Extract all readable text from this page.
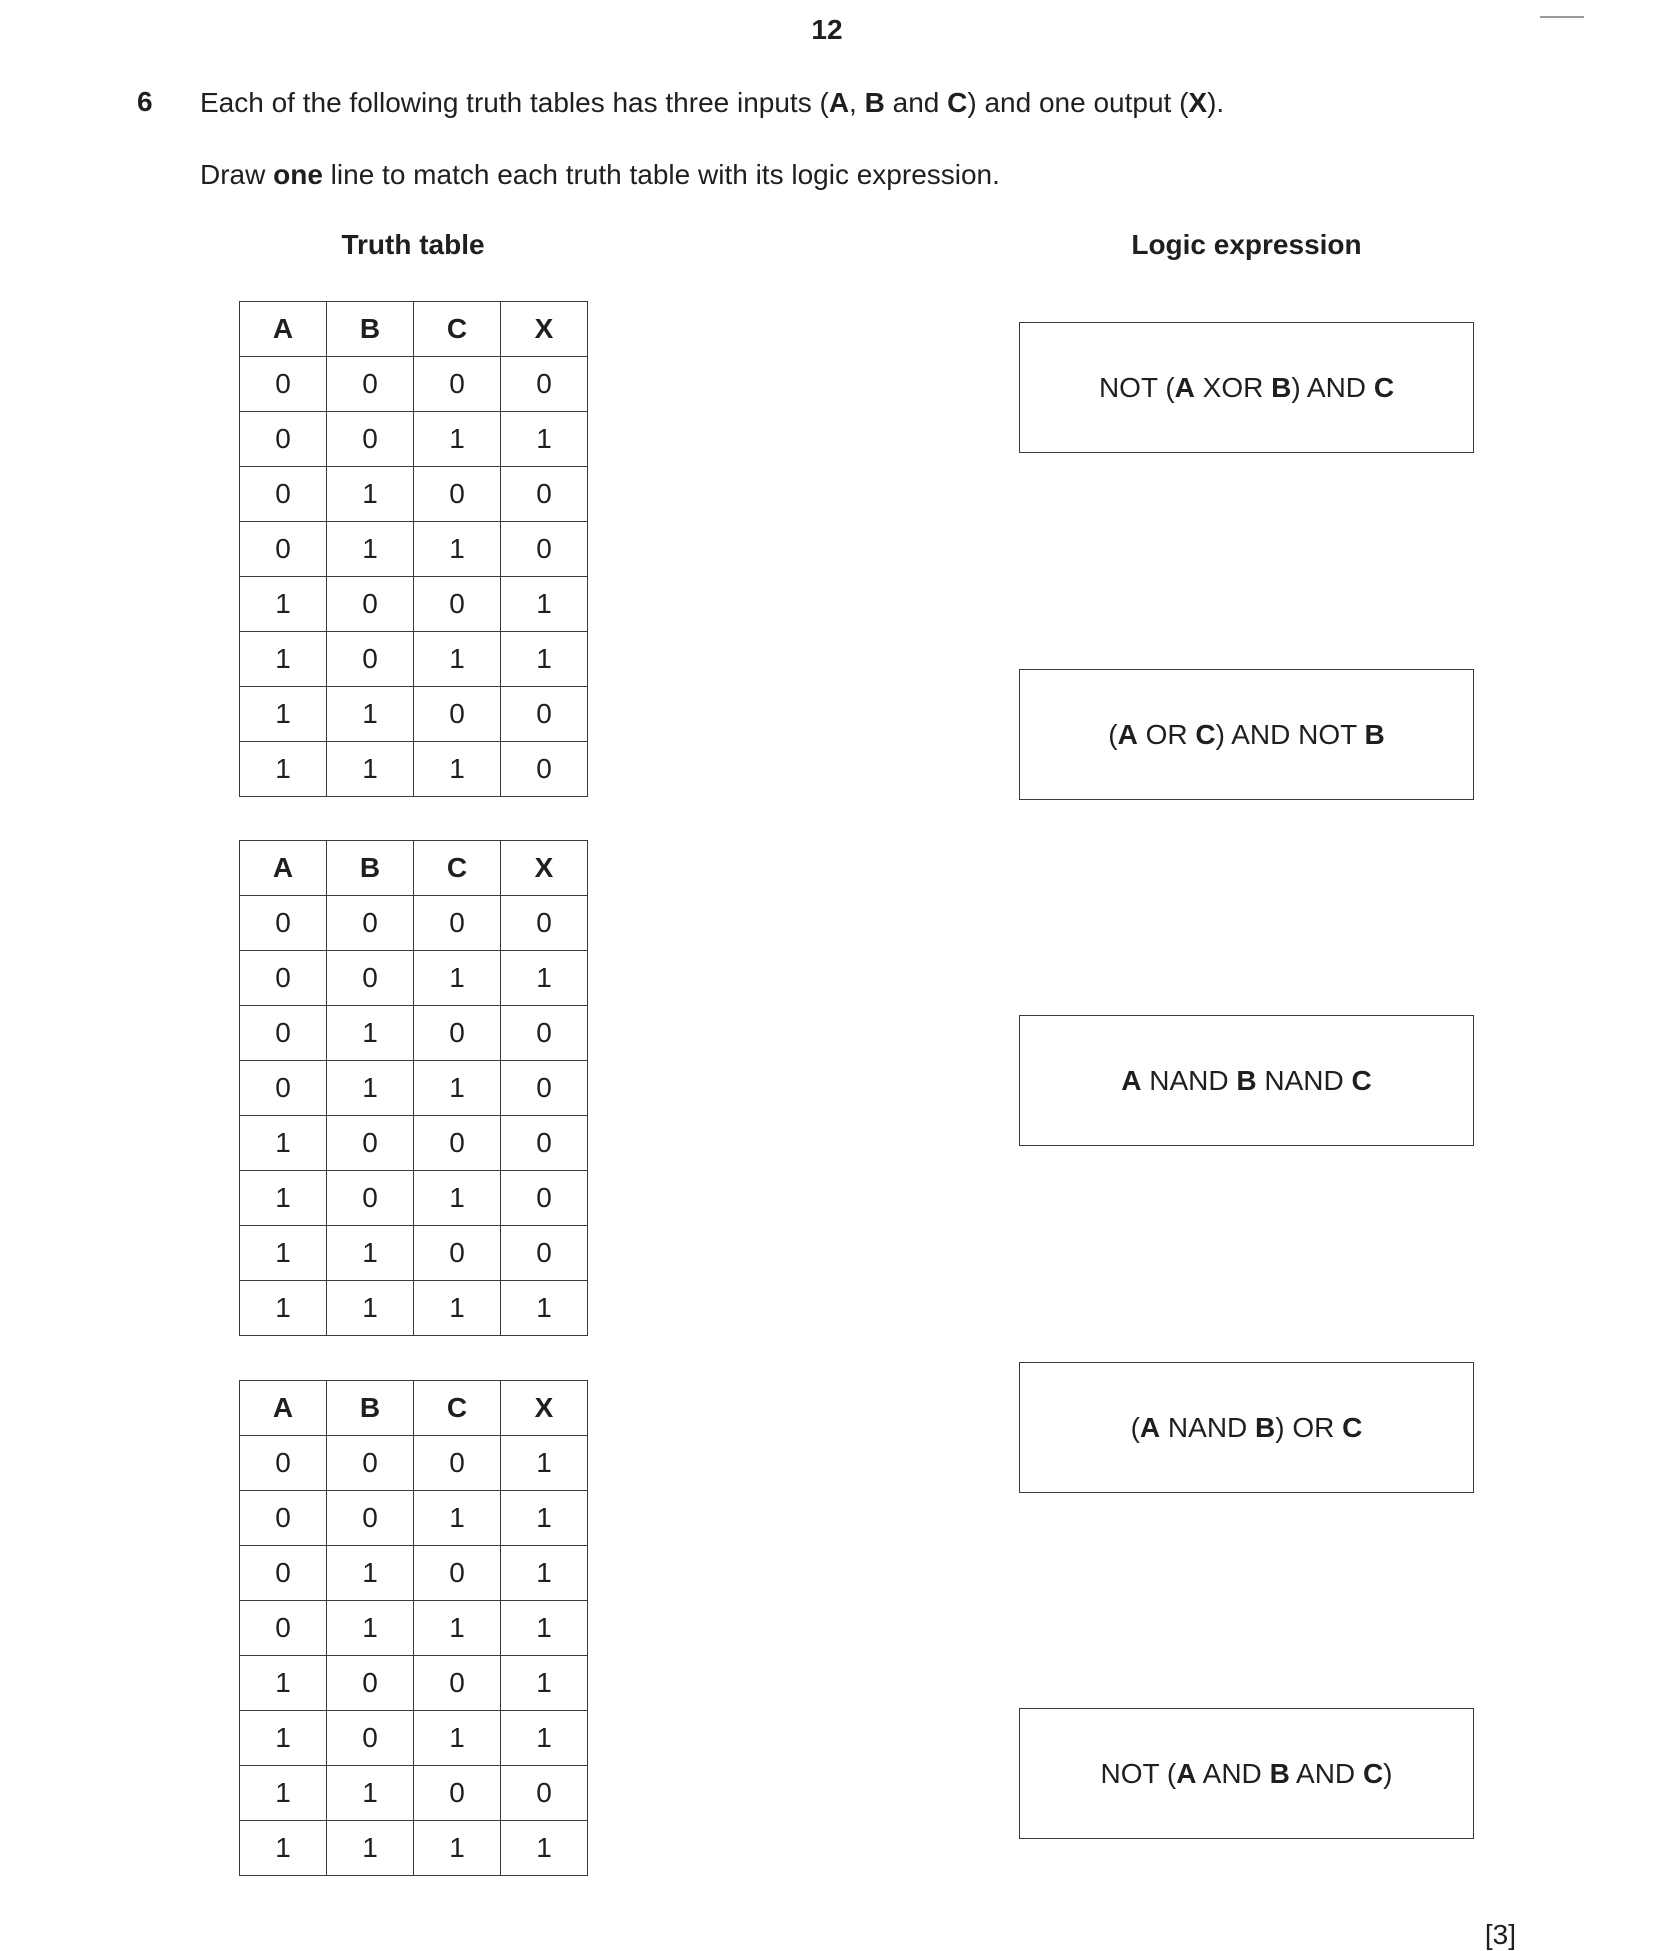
12
6 Each of the following truth tables has three inputs (A, B and C) and one output (X).
Draw one line to match each truth table with its logic expression.
Truth table	Logic expression
A	B	C	X
0	0	0	0
0	0	1	1
0	1	0	0
0	1	1	0
1	0	0	1
1	0	1	1
1	1	0	0
1	1	1	0
A	B	C	X
0	0	0	0
0	0	1	1
0	1	0	0
0	1	1	0
1	0	0	0
1	0	1	0
1	1	0	0
1	1	1	1
A	B	C	X
0	0	0	1
0	0	1	1
0	1	0	1
0	1	1	1
1	0	0	1
1	0	1	1
1	1	0	0
1	1	1	1
NOT (A XOR B) AND C
(A OR C) AND NOT B
A NAND B NAND C
(A NAND B) OR C
NOT (A AND B AND C)
[3]
